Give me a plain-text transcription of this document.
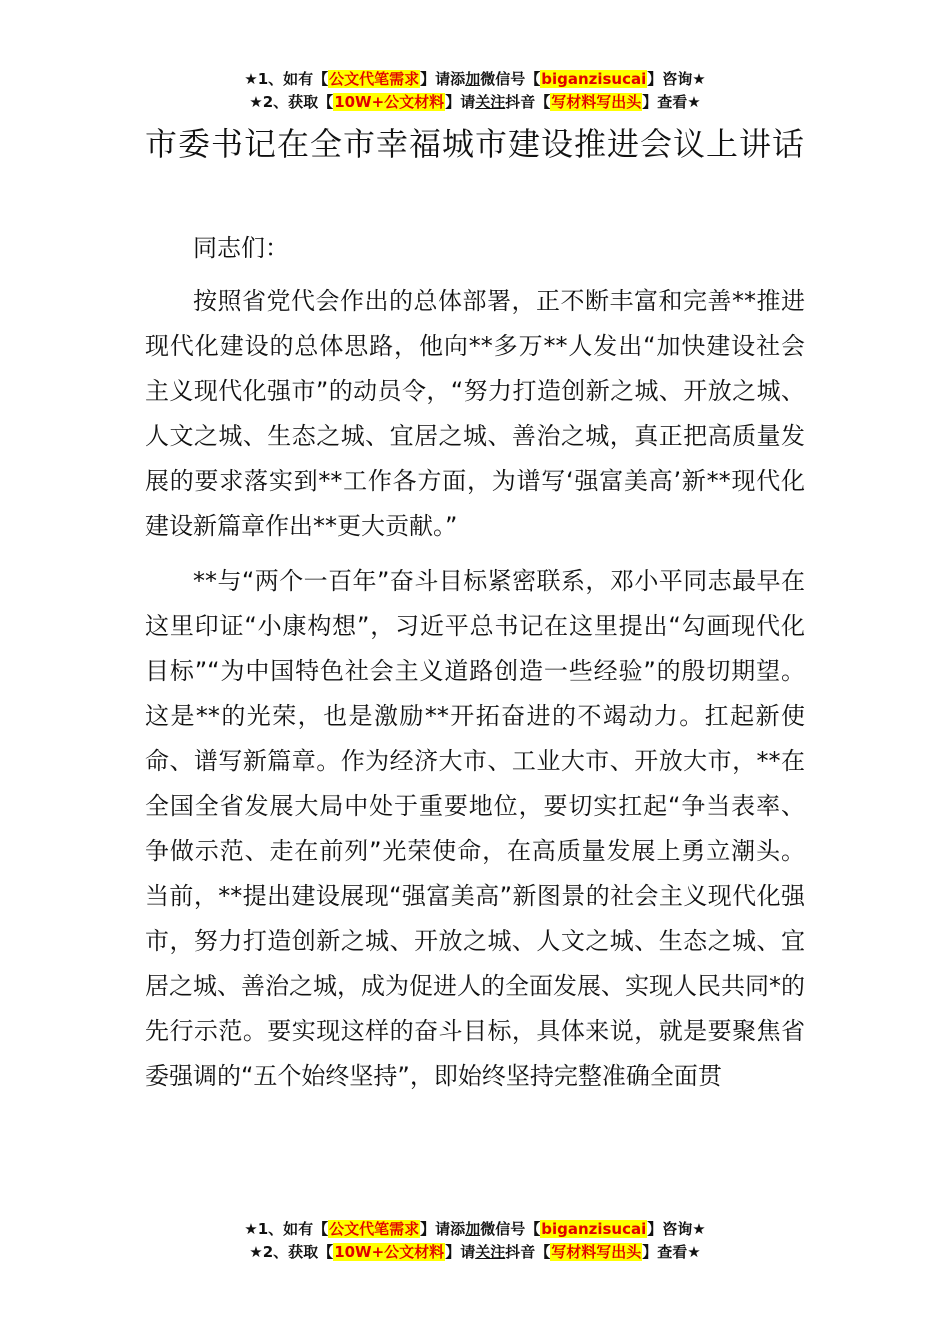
★1、如有【公文代笔需求】请添加微信号【biganzisucai】咨询★
★2、获取【10W+公文材料】请关注抖音【写材料写出头】查看★
市委书记在全市幸福城市建设推进会议上讲话

同志们：

按照省党代会作出的总体部署，正不断丰富和完善**推进现代化建设的总体思路，他向**多万**人发出“加快建设社会主义现代化强市”的动员令，“努力打造创新之城、开放之城、人文之城、生态之城、宜居之城、善治之城，真正把高质量发展的要求落实到**工作各方面，为谱写‘强富美高’新**现代化建设新篇章作出**更大贡献。”

**与“两个一百年”奋斗目标紧密联系，邓小平同志最早在这里印证“小康构想”，习近平总书记在这里提出“勾画现代化目标”“为中国特色社会主义道路创造一些经验”的殷切期望。这是**的光荣，也是激励**开拓奋进的不竭动力。扛起新使命、谱写新篇章。作为经济大市、工业大市、开放大市，**在全国全省发展大局中处于重要地位，要切实扛起“争当表率、争做示范、走在前列”光荣使命，在高质量发展上勇立潮头。当前，**提出建设展现“强富美高”新图景的社会主义现代化强市，努力打造创新之城、开放之城、人文之城、生态之城、宜居之城、善治之城，成为促进人的全面发展、实现人民共同*的先行示范。要实现这样的奋斗目标，具体来说，就是要聚焦省委强调的“五个始终坚持”，即始终坚持完整准确全面贯

★1、如有【公文代笔需求】请添加微信号【biganzisucai】咨询★
★2、获取【10W+公文材料】请关注抖音【写材料写出头】查看★
